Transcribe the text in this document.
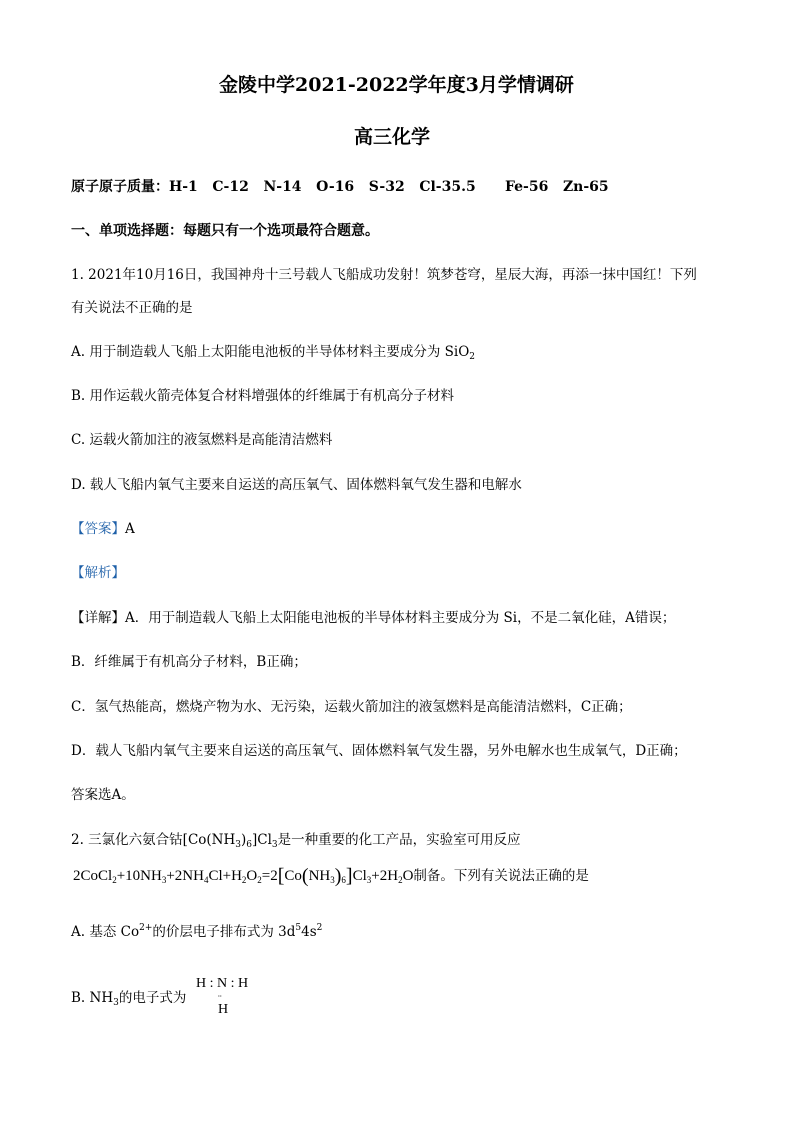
金陵中学2021-2022学年度3月学情调研
高三化学
原子原子质量：H-1   C-12   N-14   O-16   S-32   Cl-35.5      Fe-56   Zn-65
一、单项选择题：每题只有一个选项最符合题意。
1. 2021年10月16日，我国神舟十三号载人飞船成功发射！筑梦苍穹，星辰大海，再添一抹中国红！下列
有关说法不正确的是
A. 用于制造载人飞船上太阳能电池板的半导体材料主要成分为 SiO$_2$
B. 用作运载火箭壳体复合材料增强体的纤维属于有机高分子材料
C. 运载火箭加注的液氢燃料是高能清洁燃料
D. 载人飞船内氧气主要来自运送的高压氧气、固体燃料氧气发生器和电解水
【答案】A
【解析】
【详解】A．用于制造载人飞船上太阳能电池板的半导体材料主要成分为 Si，不是二氧化硅，A错误；
B．纤维属于有机高分子材料，B正确；
C．氢气热能高，燃烧产物为水、无污染，运载火箭加注的液氢燃料是高能清洁燃料，C正确；
D．载人飞船内氧气主要来自运送的高压氧气、固体燃料氧气发生器，另外电解水也生成氧气，D正确；
答案选A。
2. 三氯化六氨合钴$[Co(NH_3)_6]Cl_3$是一种重要的化工产品，实验室可用反应
$2CoCl_2+10NH_3+2NH_4Cl+H_2O_2=2[Co(NH_3)_6]Cl_3+2H_2O$制备。下列有关说法正确的是
A. 基态 $Co^{2+}$的价层电子排布式为 $3d^54s^2$
B. $NH_3$的电子式为
H : N : H
¨
H
